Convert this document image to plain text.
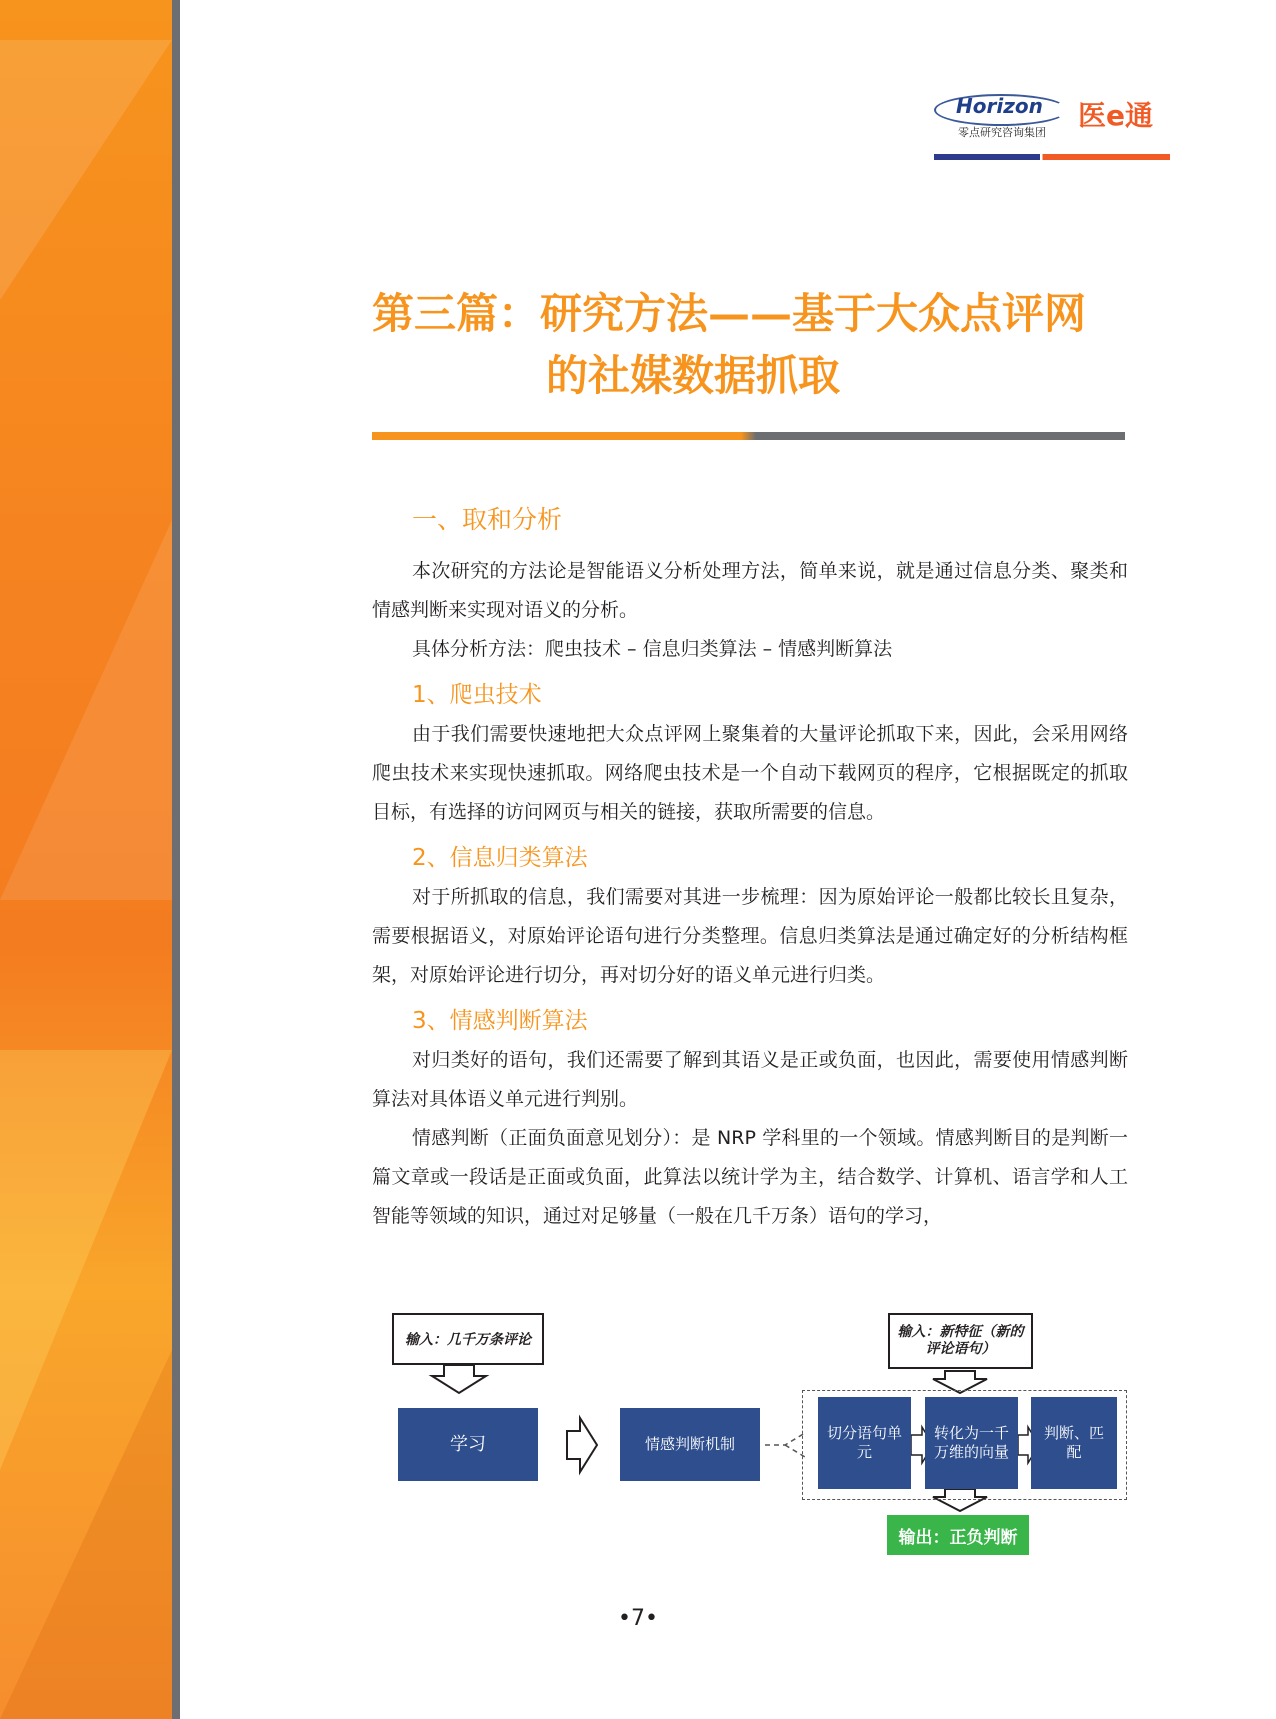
Horizon
零点研究咨询集团
医e通
第三篇：研究方法——基于大众点评网
的社媒数据抓取
一、取和分析

本次研究的方法论是智能语义分析处理方法，简单来说，就是通过信息分类、聚类和情感判断来实现对语义的分析。

具体分析方法：爬虫技术 – 信息归类算法 – 情感判断算法

1、爬虫技术

由于我们需要快速地把大众点评网上聚集着的大量评论抓取下来，因此，会采用网络爬虫技术来实现快速抓取。网络爬虫技术是一个自动下载网页的程序，它根据既定的抓取目标，有选择的访问网页与相关的链接，获取所需要的信息。

2、信息归类算法

对于所抓取的信息，我们需要对其进一步梳理：因为原始评论一般都比较长且复杂，需要根据语义，对原始评论语句进行分类整理。信息归类算法是通过确定好的分析结构框架，对原始评论进行切分，再对切分好的语义单元进行归类。

3、情感判断算法

对归类好的语句，我们还需要了解到其语义是正或负面，也因此，需要使用情感判断算法对具体语义单元进行判别。

情感判断（正面负面意见划分）：是 NRP 学科里的一个领域。情感判断目的是判断一篇文章或一段话是正面或负面，此算法以统计学为主，结合数学、计算机、语言学和人工智能等领域的知识，通过对足够量（一般在几千万条）语句的学习，

输入：几千万条评论
学习	情感判断机制
输入：新特征（新的评论语句）
切分语句单元
转化为一千万维的向量
判断、匹配
输出：正负判断
•7•
